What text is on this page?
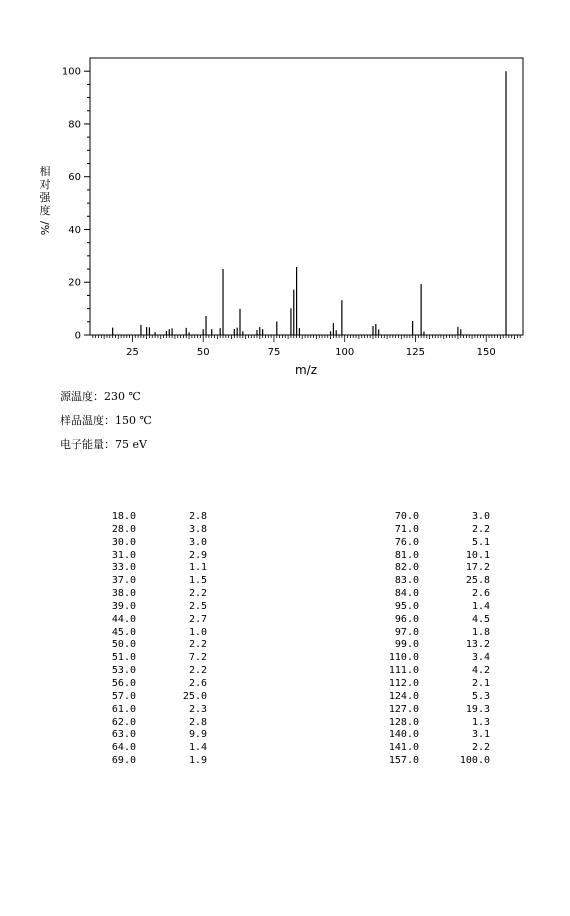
0
20
40
60
80
100
25	50	75	100	125	150
m/z
相
对
强
度
/%
源温度：230 ℃
样品温度：150 ℃
电子能量：75 eV
18.0	2.8
28.0	3.8
30.0	3.0
31.0	2.9
33.0	1.1
37.0	1.5
38.0	2.2
39.0	2.5
44.0	2.7
45.0	1.0
50.0	2.2
51.0	7.2
53.0	2.2
56.0	2.6
57.0	25.0
61.0	2.3
62.0	2.8
63.0	9.9
64.0	1.4
69.0	1.9
70.0	3.0
71.0	2.2
76.0	5.1
81.0	10.1
82.0	17.2
83.0	25.8
84.0	2.6
95.0	1.4
96.0	4.5
97.0	1.8
99.0	13.2
110.0	3.4
111.0	4.2
112.0	2.1
124.0	5.3
127.0	19.3
128.0	1.3
140.0	3.1
141.0	2.2
157.0	100.0
